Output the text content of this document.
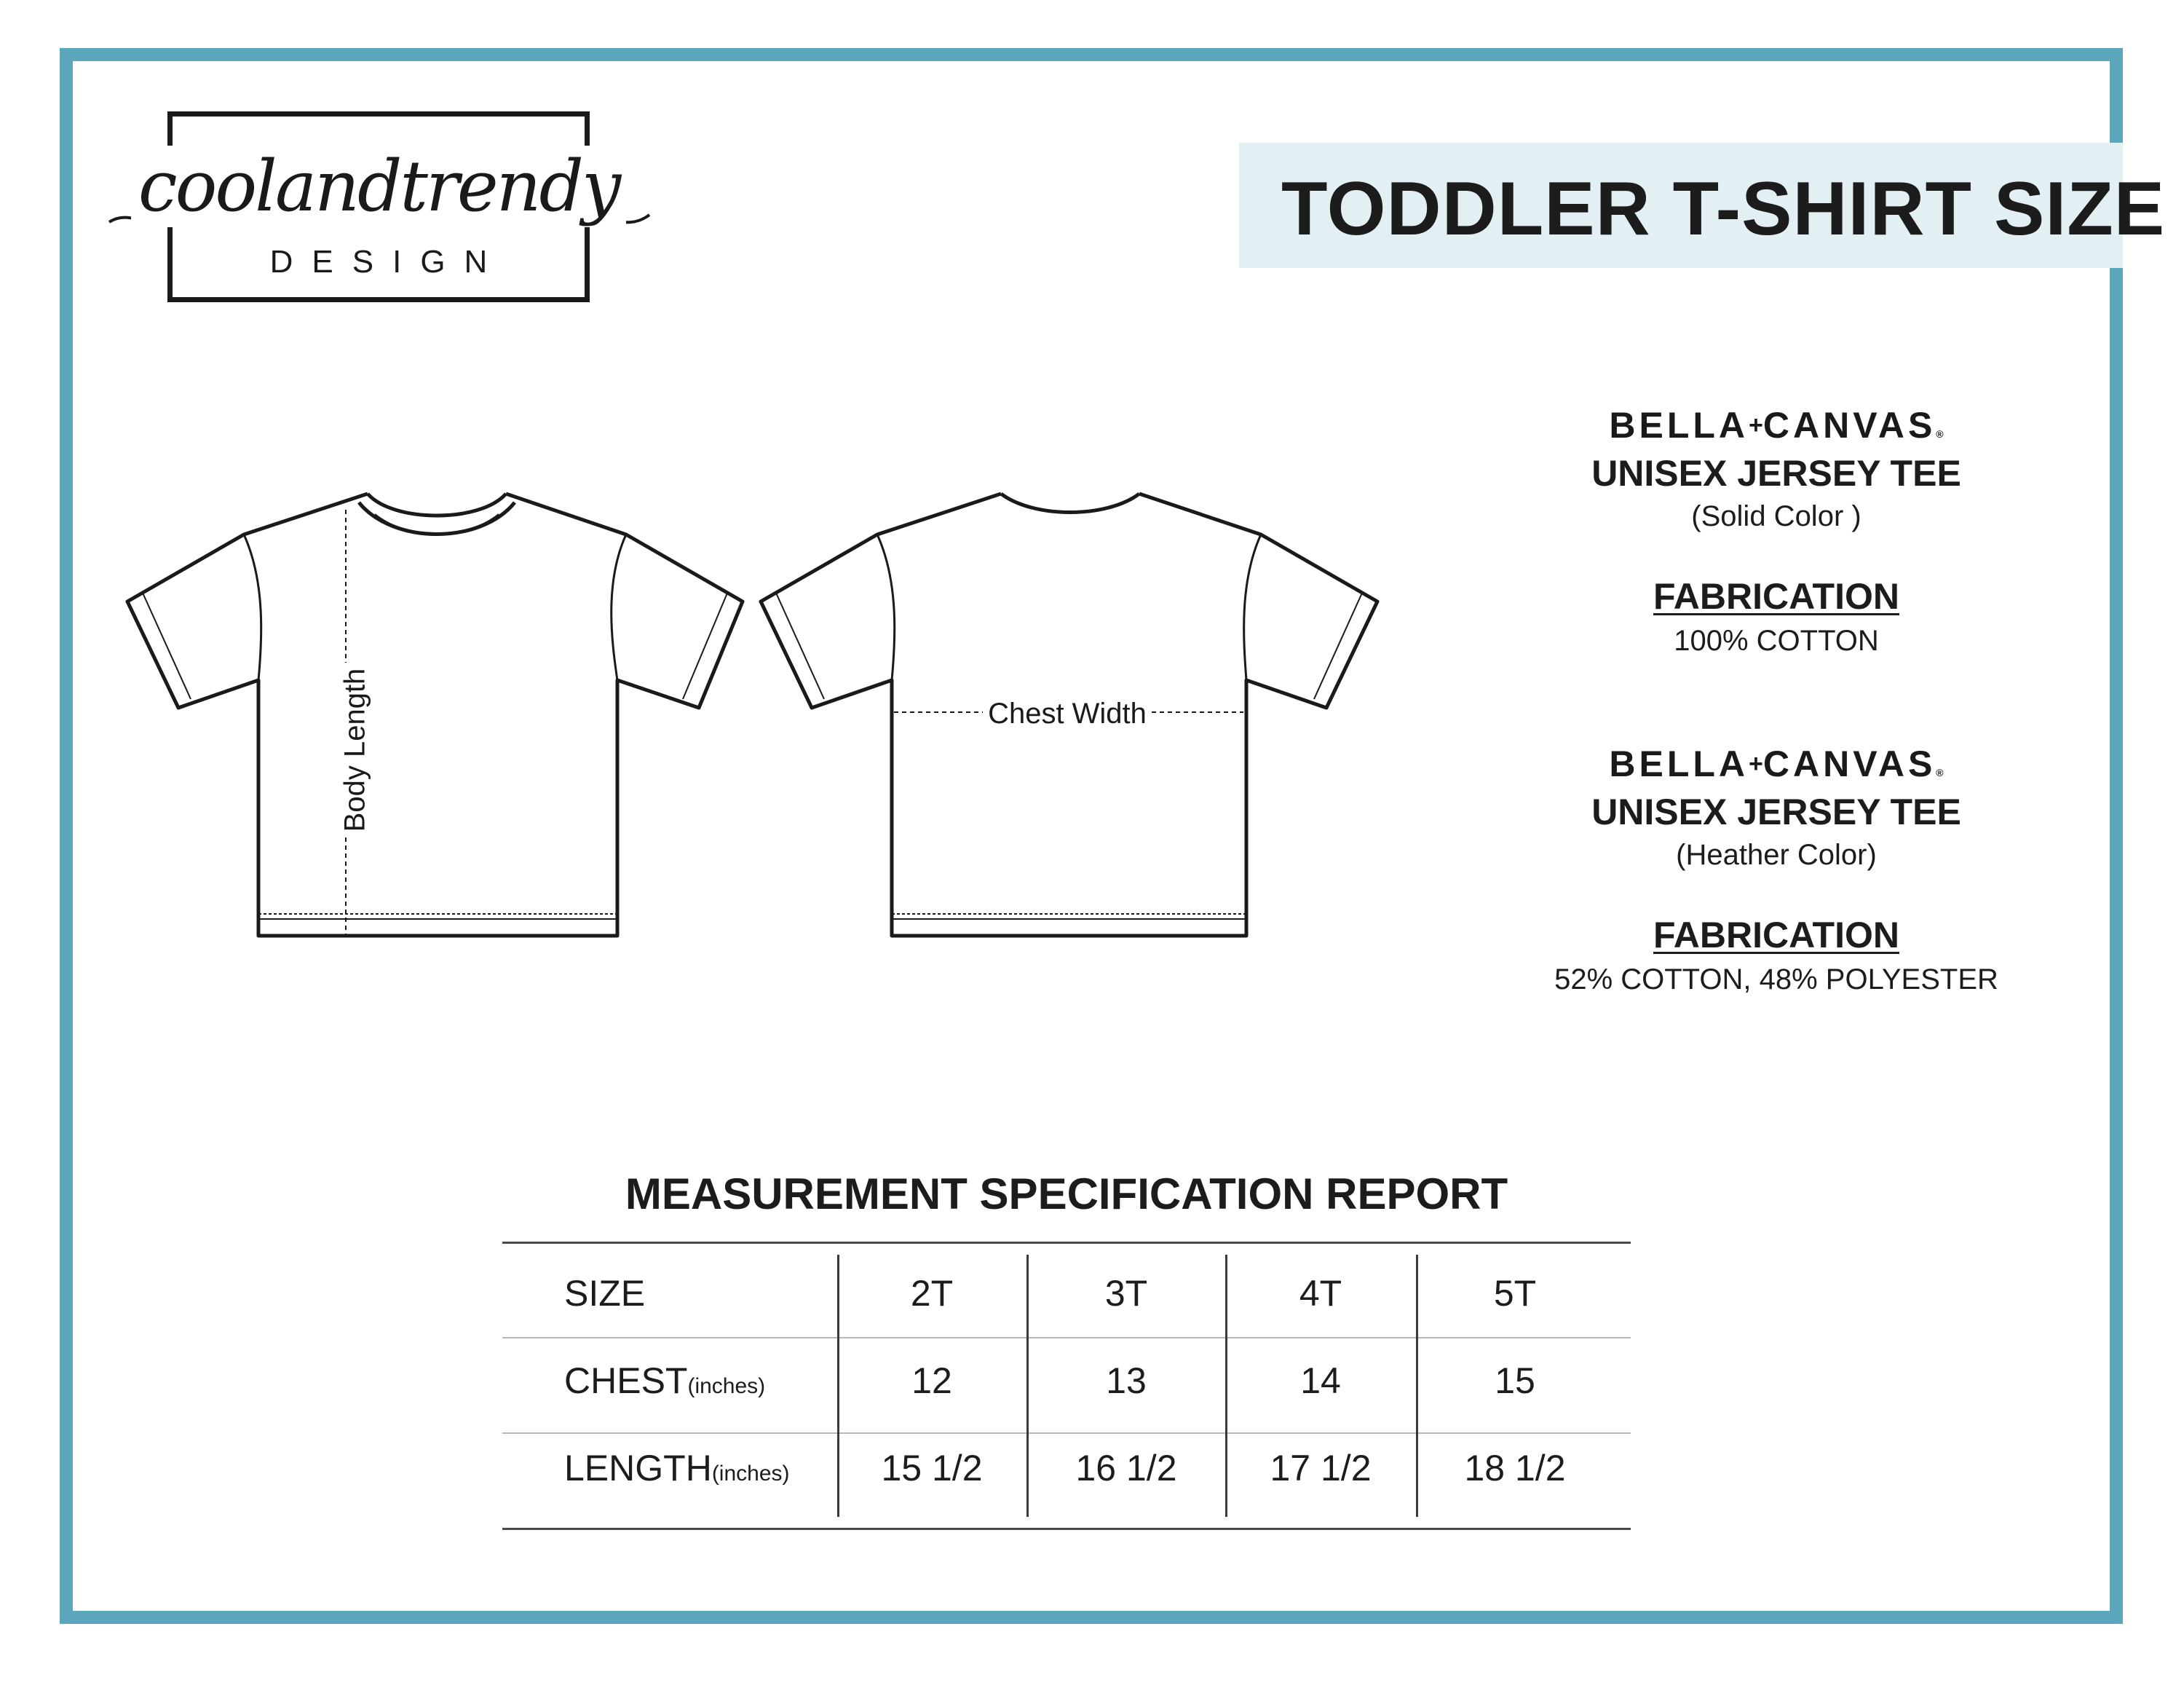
coolandtrendy
DESIGN
TODDLER T-SHIRT SIZE
Body Length	Chest Width
BELLA+CANVAS®
UNISEX JERSEY TEE
(Solid Color )
FABRICATION
100% COTTON
BELLA+CANVAS®
UNISEX JERSEY TEE
(Heather Color)
FABRICATION
52% COTTON, 48% POLYESTER
MEASUREMENT SPECIFICATION REPORT
SIZE	2T	3T	4T	5T
CHEST(inches)	12	13	14	15
LENGTH(inches)	15 1/2	16 1/2	17 1/2	18 1/2
